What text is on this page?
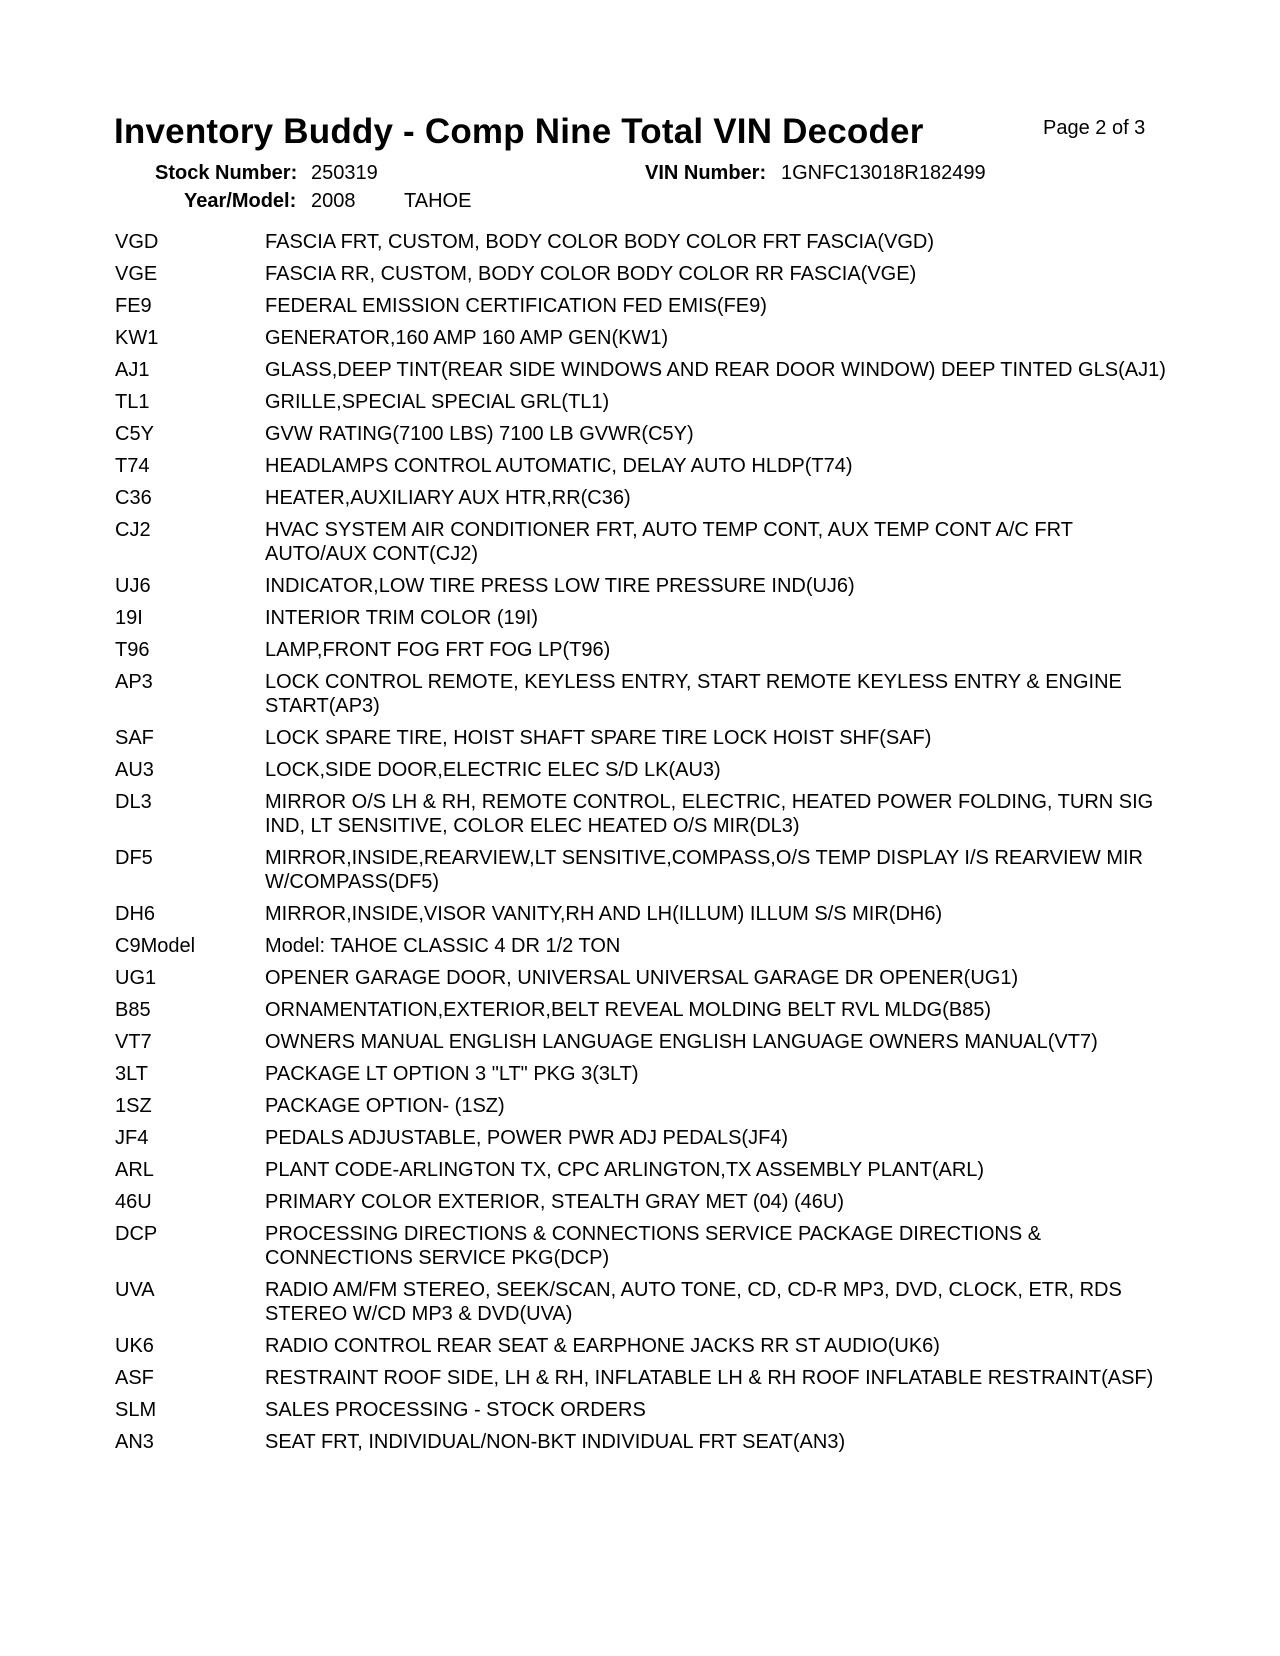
Inventory Buddy - Comp Nine Total VIN Decoder	Page 2 of 3
Stock Number: 250319	VIN Number: 1GNFC13018R182499
Year/Model: 2008 TAHOE
VGD	FASCIA FRT, CUSTOM, BODY COLOR BODY COLOR FRT FASCIA(VGD)
VGE	FASCIA RR, CUSTOM, BODY COLOR BODY COLOR RR FASCIA(VGE)
FE9	FEDERAL EMISSION CERTIFICATION FED EMIS(FE9)
KW1	GENERATOR,160 AMP 160 AMP GEN(KW1)
AJ1	GLASS,DEEP TINT(REAR SIDE WINDOWS AND REAR DOOR WINDOW) DEEP TINTED GLS(AJ1)
TL1	GRILLE,SPECIAL SPECIAL GRL(TL1)
C5Y	GVW RATING(7100 LBS) 7100 LB GVWR(C5Y)
T74	HEADLAMPS CONTROL AUTOMATIC, DELAY AUTO HLDP(T74)
C36	HEATER,AUXILIARY AUX HTR,RR(C36)
CJ2	HVAC SYSTEM AIR CONDITIONER FRT, AUTO TEMP CONT, AUX TEMP CONT A/C FRT AUTO/AUX CONT(CJ2)
UJ6	INDICATOR,LOW TIRE PRESS LOW TIRE PRESSURE IND(UJ6)
19I	INTERIOR TRIM COLOR (19I)
T96	LAMP,FRONT FOG FRT FOG LP(T96)
AP3	LOCK CONTROL REMOTE, KEYLESS ENTRY, START REMOTE KEYLESS ENTRY & ENGINE START(AP3)
SAF	LOCK SPARE TIRE, HOIST SHAFT SPARE TIRE LOCK HOIST SHF(SAF)
AU3	LOCK,SIDE DOOR,ELECTRIC ELEC S/D LK(AU3)
DL3	MIRROR O/S LH & RH, REMOTE CONTROL, ELECTRIC, HEATED POWER FOLDING, TURN SIG IND, LT SENSITIVE, COLOR ELEC HEATED O/S MIR(DL3)
DF5	MIRROR,INSIDE,REARVIEW,LT SENSITIVE,COMPASS,O/S TEMP DISPLAY I/S REARVIEW MIR W/COMPASS(DF5)
DH6	MIRROR,INSIDE,VISOR VANITY,RH AND LH(ILLUM) ILLUM S/S MIR(DH6)
C9Model	Model: TAHOE CLASSIC 4 DR 1/2 TON
UG1	OPENER GARAGE DOOR, UNIVERSAL UNIVERSAL GARAGE DR OPENER(UG1)
B85	ORNAMENTATION,EXTERIOR,BELT REVEAL MOLDING BELT RVL MLDG(B85)
VT7	OWNERS MANUAL ENGLISH LANGUAGE ENGLISH LANGUAGE OWNERS MANUAL(VT7)
3LT	PACKAGE LT OPTION 3 "LT" PKG 3(3LT)
1SZ	PACKAGE OPTION- (1SZ)
JF4	PEDALS ADJUSTABLE, POWER PWR ADJ PEDALS(JF4)
ARL	PLANT CODE-ARLINGTON TX, CPC ARLINGTON,TX ASSEMBLY PLANT(ARL)
46U	PRIMARY COLOR EXTERIOR, STEALTH GRAY MET (04) (46U)
DCP	PROCESSING DIRECTIONS & CONNECTIONS SERVICE PACKAGE DIRECTIONS & CONNECTIONS SERVICE PKG(DCP)
UVA	RADIO AM/FM STEREO, SEEK/SCAN, AUTO TONE, CD, CD-R MP3, DVD, CLOCK, ETR, RDS STEREO W/CD MP3 & DVD(UVA)
UK6	RADIO CONTROL REAR SEAT & EARPHONE JACKS RR ST AUDIO(UK6)
ASF	RESTRAINT ROOF SIDE, LH & RH, INFLATABLE LH & RH ROOF INFLATABLE RESTRAINT(ASF)
SLM	SALES PROCESSING - STOCK ORDERS
AN3	SEAT FRT, INDIVIDUAL/NON-BKT INDIVIDUAL FRT SEAT(AN3)
